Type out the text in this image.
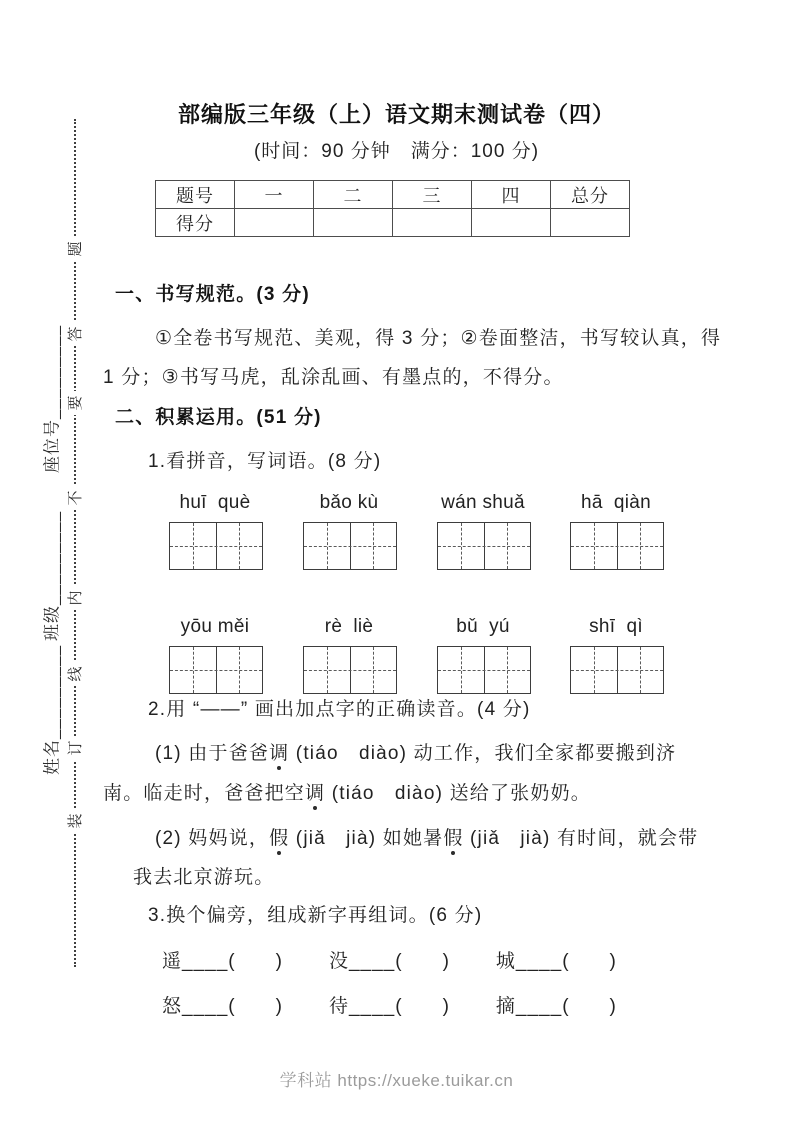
题
答
要
不
内
线
订
装
座位号_________
班级_________
姓名_________
部编版三年级（上）语文期末测试卷（四）
(时间：90 分钟　满分：100 分)
题号	一	二	三	四	总分
得分					
一、书写规范。(3 分)
①全卷书写规范、美观，得 3 分；②卷面整洁，书写较认真，得
1 分；③书写马虎，乱涂乱画、有墨点的，不得分。
二、积累运用。(51 分)
1.看拼音，写词语。(8 分)
huī  què	bǎo kù	wán shuǎ	hā  qiàn
yōu měi	rè  liè	bǔ  yú	shī  qì
2.用 “——” 画出加点字的正确读音。(4 分)
(1) 由于爸爸调 (tiáo　diào) 动工作，我们全家都要搬到济
南。临走时，爸爸把空调 (tiáo　diào) 送给了张奶奶。
(2) 妈妈说，假 (jiǎ　jià) 如她暑假 (jiǎ　jià) 有时间，就会带
我去北京游玩。
3.换个偏旁，组成新字再组词。(6 分)
遥____(　　) 没____(　　) 城____(　　)
怒____(　　) 待____(　　) 摘____(　　)
学科站 https://xueke.tuikar.cn
